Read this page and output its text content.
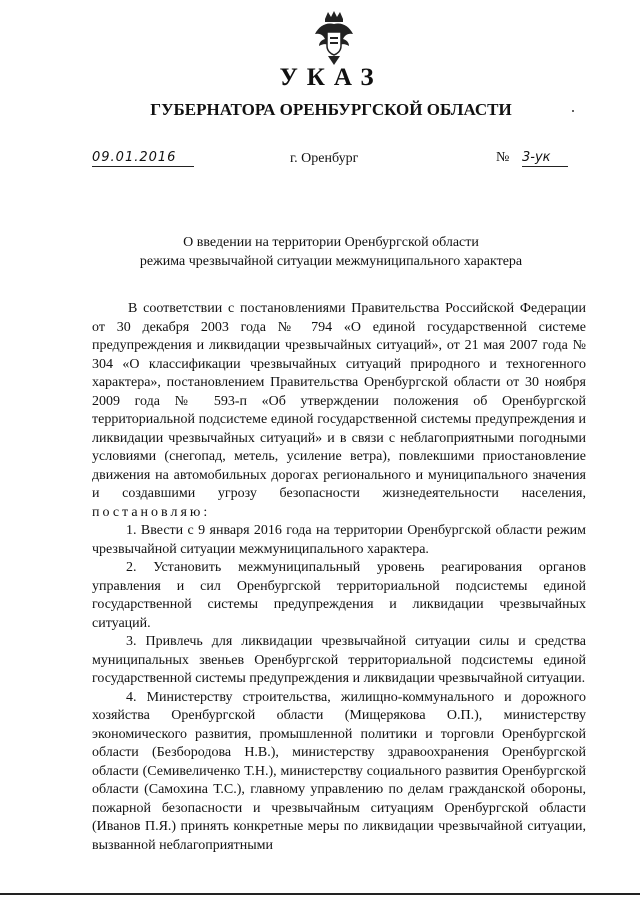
УКАЗ
ГУБЕРНАТОРА ОРЕНБУРГСКОЙ ОБЛАСТИ
09.01.2016	г. Оренбург	№ 3-ук
О введении на территории Оренбургской области
режима чрезвычайной ситуации межмуниципального характера

В соответствии с постановлениями Правительства Российской Федерации от 30 декабря 2003 года № 794 «О единой государственной системе предупреждения и ликвидации чрезвычайных ситуаций», от 21 мая 2007 года № 304 «О классификации чрезвычайных ситуаций природного и техногенного характера», постановлением Правительства Оренбургской области от 30 ноября 2009 года № 593-п «Об утверждении положения об Оренбургской территориальной подсистеме единой государственной системы предупреждения и ликвидации чрезвычайных ситуаций» и в связи с неблагоприятными погодными условиями (снегопад, метель, усиление ветра), повлекшими приостановление движения на автомобильных дорогах регионального и муниципального значения и создавшими угрозу безопасности жизнедеятельности населения, постановляю:

1. Ввести с 9 января 2016 года на территории Оренбургской области режим чрезвычайной ситуации межмуниципального характера.

2. Установить межмуниципальный уровень реагирования органов управления и сил Оренбургской территориальной подсистемы единой государственной системы предупреждения и ликвидации чрезвычайных ситуаций.

3. Привлечь для ликвидации чрезвычайной ситуации силы и средства муниципальных звеньев Оренбургской территориальной подсистемы единой государственной системы предупреждения и ликвидации чрезвычайной ситуации.

4. Министерству строительства, жилищно-коммунального и дорожного хозяйства Оренбургской области (Мищерякова О.П.), министерству экономического развития, промышленной политики и торговли Оренбургской области (Безбородова Н.В.), министерству здравоохранения Оренбургской области (Семивеличенко Т.Н.), министерству социального развития Оренбургской области (Самохина Т.С.), главному управлению по делам гражданской обороны, пожарной безопасности и чрезвычайным ситуациям Оренбургской области (Иванов П.Я.) принять конкретные меры по ликвидации чрезвычайной ситуации, вызванной неблагоприятными
